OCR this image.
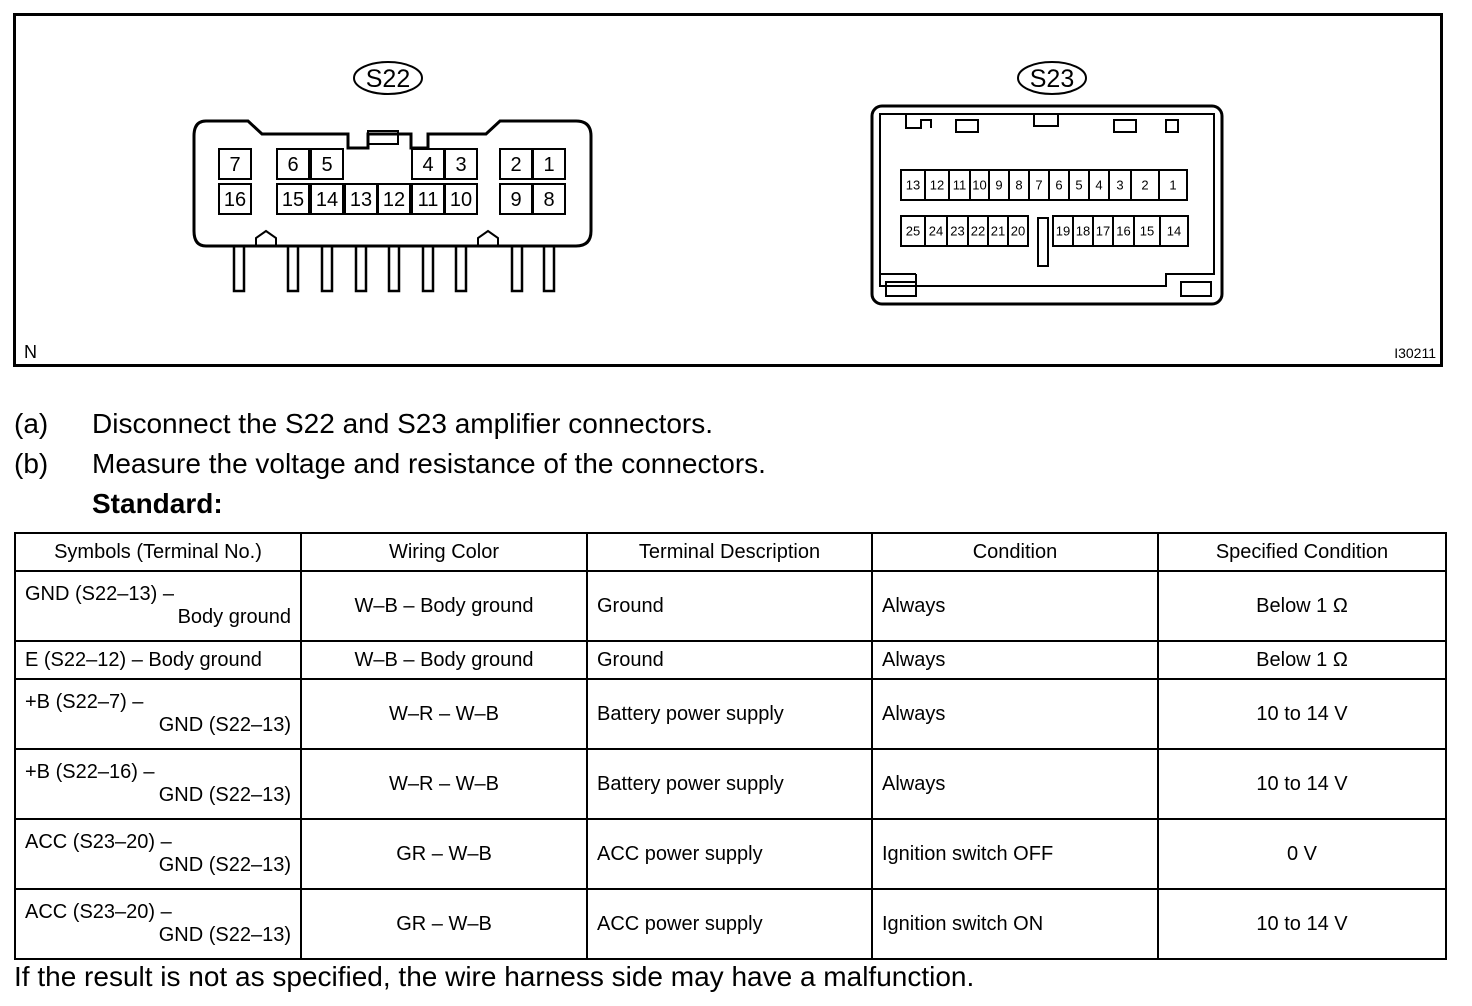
S22
7 6 5	4 3 2 1
16 15 14 13 12 11 10 9 8
S23
13 12 11 10 9 8 7 6 5 4 3 2 1
25 24 23 22 21 20 19 18 17 16 15 14
N	I30211
(a) Disconnect the S22 and S23 amplifier connectors.
(b) Measure the voltage and resistance of the connectors.
Standard:
Symbols (Terminal No.)	Wiring Color	Terminal Description	Condition	Specified Condition

GND (S22–13) –
Body ground	W–B – Body ground	Ground	Always	Below 1 Ω

E (S22–12) – Body ground	W–B – Body ground	Ground	Always	Below 1 Ω

+B (S22–7) –
GND (S22–13)	W–R – W–B	Battery power supply	Always	10 to 14 V

+B (S22–16) –
GND (S22–13)	W–R – W–B	Battery power supply	Always	10 to 14 V

ACC (S23–20) –
GND (S22–13)	GR – W–B	ACC power supply	Ignition switch OFF	0 V

ACC (S23–20) –
GND (S22–13)	GR – W–B	ACC power supply	Ignition switch ON	10 to 14 V
If the result is not as specified, the wire harness side may have a malfunction.
